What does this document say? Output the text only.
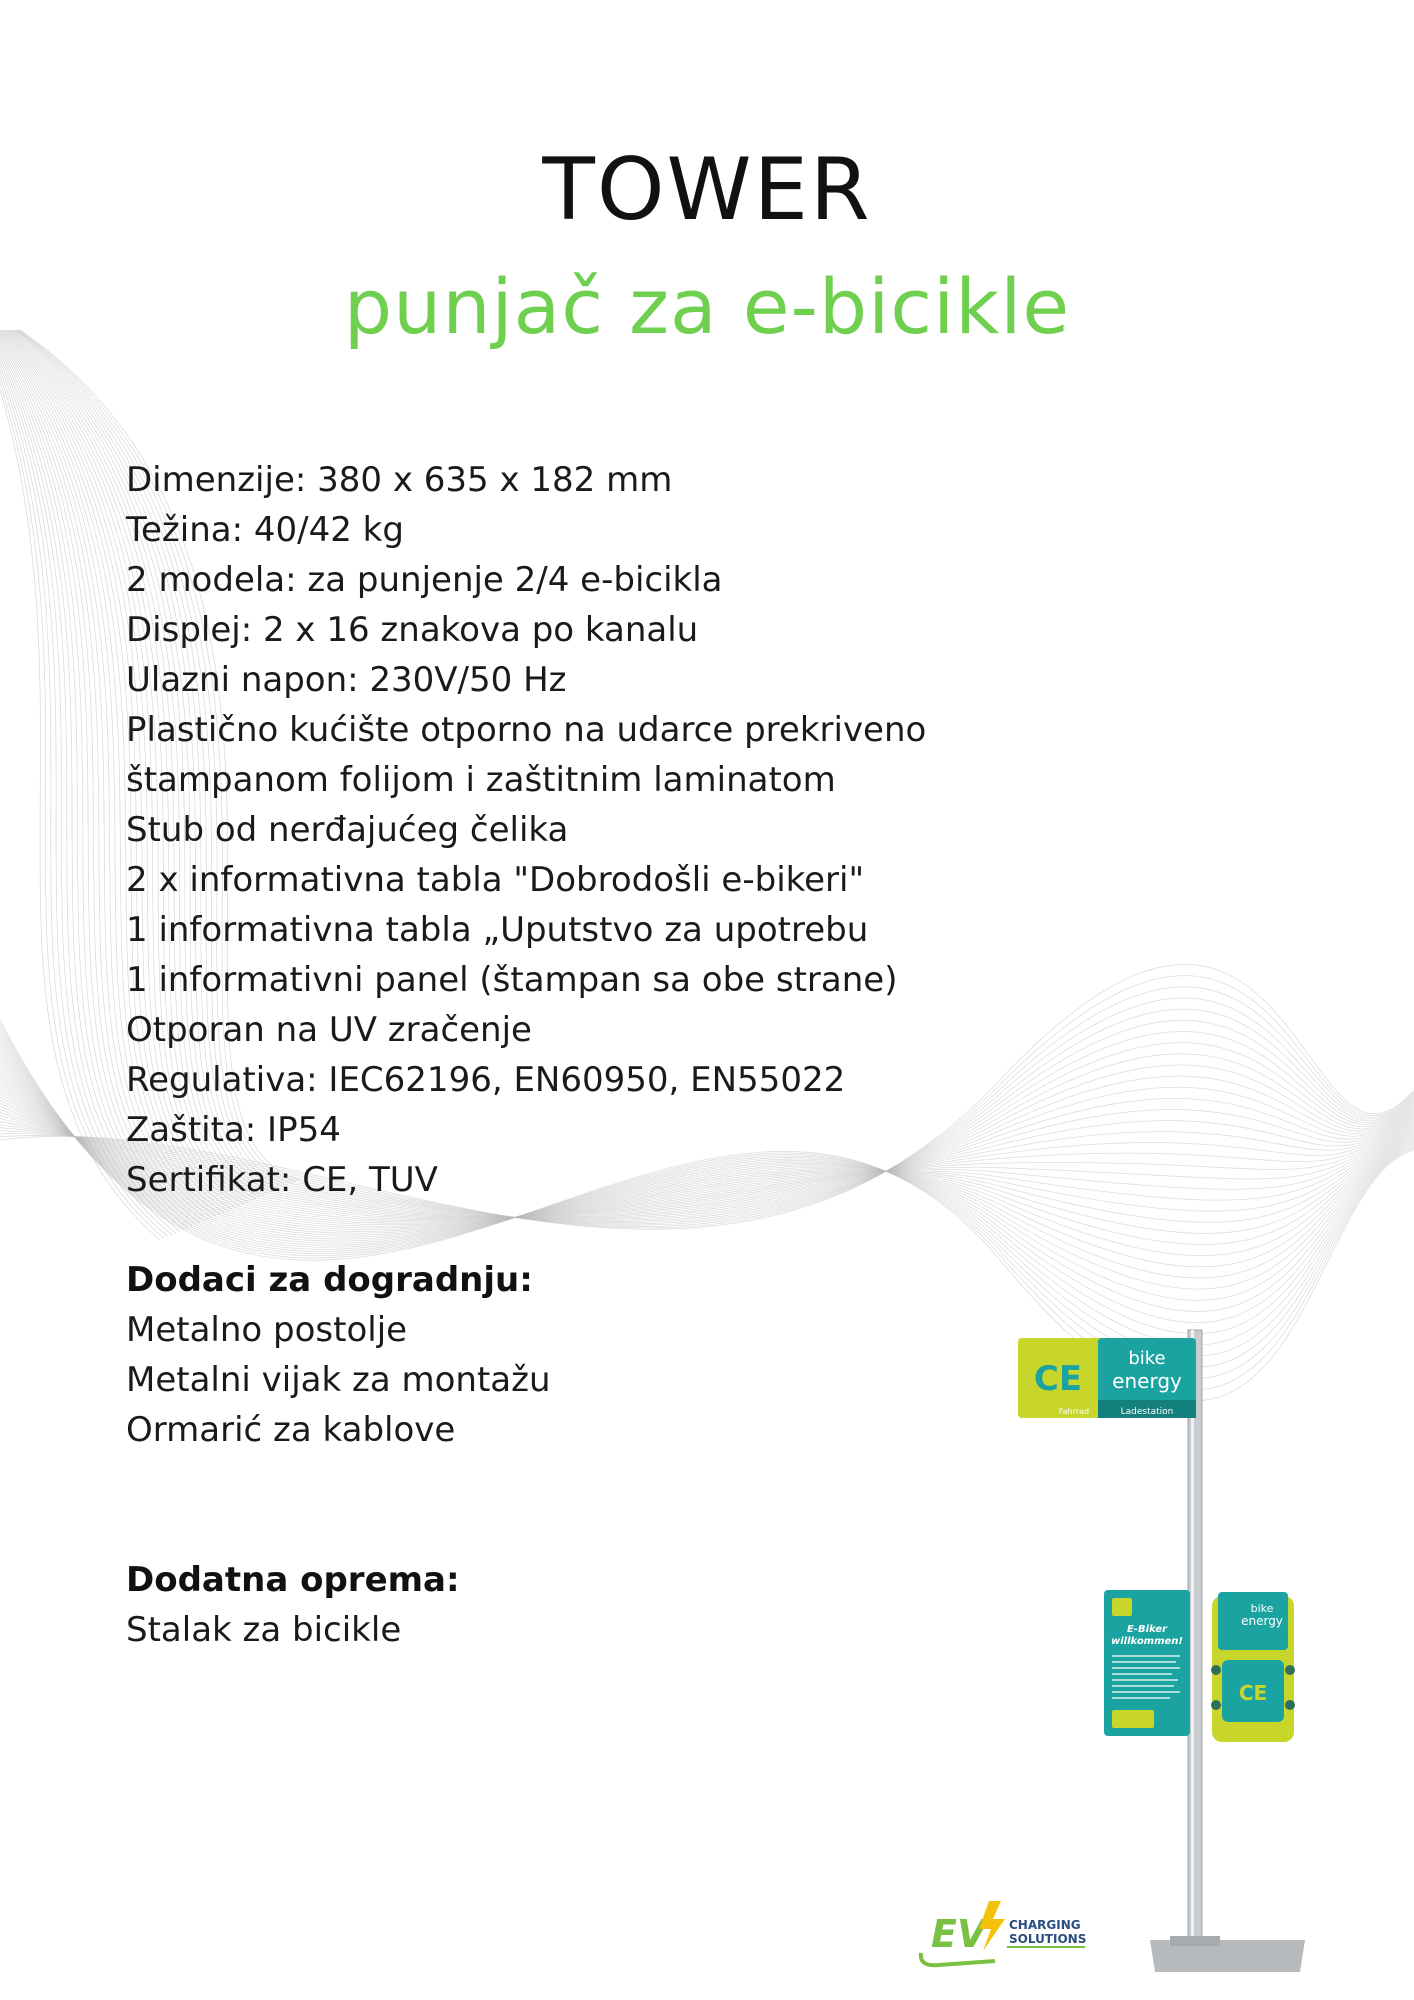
TOWER
punjač za e-bicikle
Dimenzije: 380 x 635 x 182 mm
Težina: 40/42 kg
2 modela: za punjenje 2/4 e-bicikla
Displej: 2 x 16 znakova po kanalu
Ulazni napon: 230V/50 Hz
Plastično kućište otporno na udarce prekriveno
štampanom folijom i zaštitnim laminatom
Stub od nerđajućeg čelika
2 x informativna tabla "Dobrodošli e-bikeri"
1 informativna tabla „Uputstvo za upotrebu
1 informativni panel (štampan sa obe strane)
Otporan na UV zračenje
Regulativa: IEC62196, EN60950, EN55022
Zaštita: IP54
Sertifikat: CE, TUV
Dodaci za dogradnju:
Metalno postolje
Metalni vijak za montažu
Ormarić za kablove
Dodatna oprema:
Stalak za bicikle
CE
bike
energy
Fahrrad	Ladestation
E-Biker
willkommen!
bike
energy
CE
EV CHARGING
SOLUTIONS
